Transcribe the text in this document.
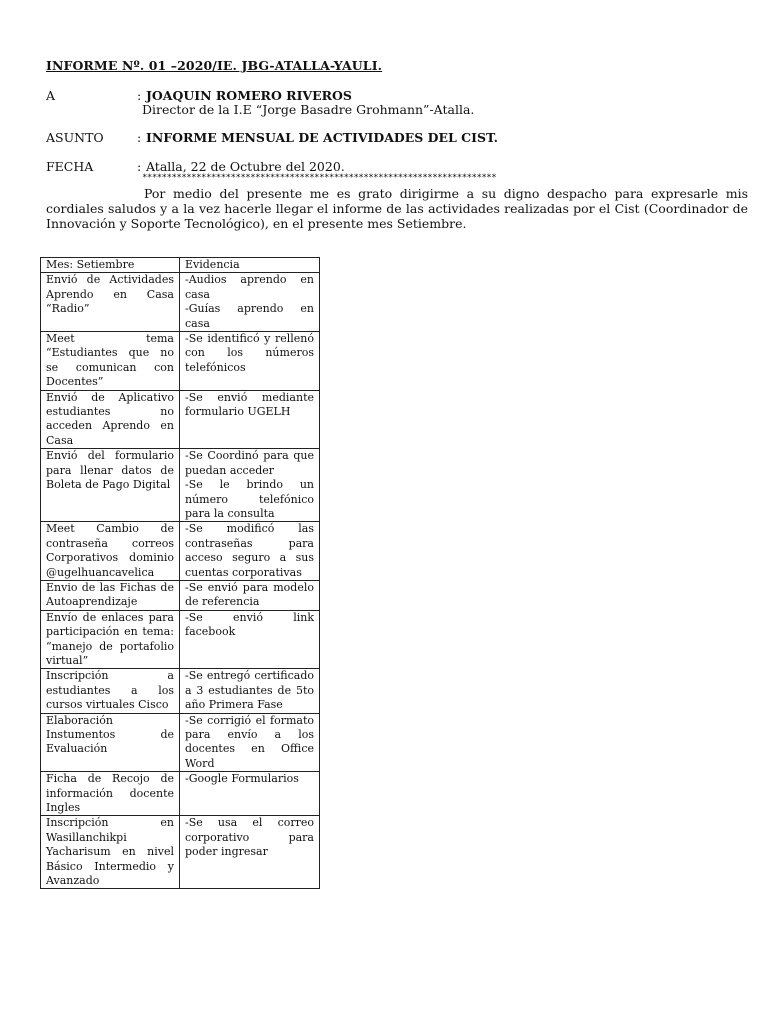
INFORME Nº. 01 –2020/IE. JBG-ATALLA-YAULI.

A	: JOAQUIN ROMERO RIVEROS
Director de la I.E “Jorge Basadre Grohmann”-Atalla.
ASUNTO	: INFORME MENSUAL DE ACTIVIDADES DEL CIST.
FECHA	: Atalla, 22 de Octubre del 2020.
************************************************************************

Por medio del presente me es grato dirigirme a su digno despacho para expresarle mis cordiales saludos y a la vez hacerle llegar el informe de las actividades realizadas por el Cist (Coordinador de Innovación y Soporte Tecnológico), en el presente mes Setiembre.

Mes: Setiembre	Evidencia
Envió de Actividades Aprendo en Casa “Radio”	-Audios aprendo en casa
-Guías aprendo en casa

Meet tema “Estudiantes que no se comunican con Docentes”	-Se identificó y rellenó con los números telefónicos

Envió de Aplicativo estudiantes no acceden Aprendo en Casa	-Se envió mediante formulario UGELH

Envió del formulario para llenar datos de Boleta de Pago Digital	-Se Coordinó para que puedan acceder
-Se le brindo un número telefónico para la consulta

Meet Cambio de contraseña correos Corporativos dominio @ugelhuancavelica	-Se modificó las contraseñas para acceso seguro a sus cuentas corporativas

Envio de las Fichas de Autoaprendizaje	-Se envió para modelo de referencia

Envío de enlaces para participación en tema: “manejo de portafolio virtual”	-Se envió link facebook

Inscripción a estudiantes a los cursos virtuales Cisco	-Se entregó certificado a 3 estudiantes de 5to año Primera Fase

Elaboración Instumentos de Evaluación	-Se corrigió el formato para envío a los docentes en Office Word

Ficha de Recojo de información docente Ingles	-Google Formularios

Inscripción en Wasillanchikpi Yacharisum en nivel Básico Intermedio y Avanzado	-Se usa el correo corporativo para poder ingresar
